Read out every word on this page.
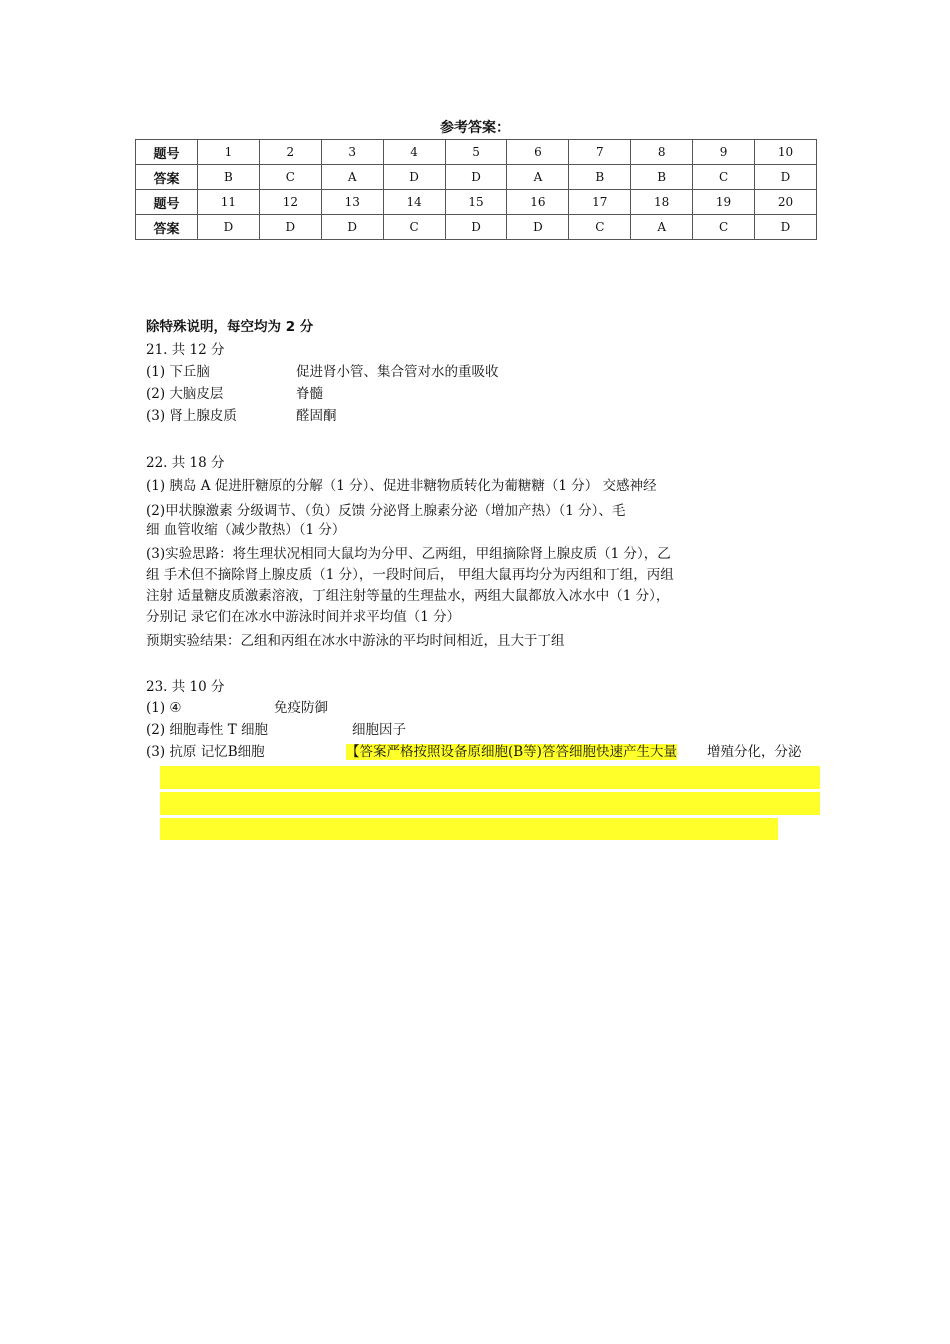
参考答案：
题号	1	2	3	4	5	6	7	8	9	10
答案	B	C	A	D	D	A	B	B	C	D
题号	11	12	13	14	15	16	17	18	19	20
答案	D	D	D	C	D	D	C	A	C	D
除特殊说明，每空均为 2 分
21. 共 12 分
(1) 下丘脑	促进肾小管、集合管对水的重吸收
(2) 大脑皮层	脊髓
(3) 肾上腺皮质	醛固酮
22. 共 18 分
(1) 胰岛 A 促进肝糖原的分解（1 分）、促进非糖物质转化为葡糖糖（1 分） 交感神经
(2)甲状腺激素 分级调节、（负）反馈 分泌肾上腺素分泌（增加产热）（1 分）、毛
细 血管收缩（减少散热）（1 分）
(3)实验思路：将生理状况相同大鼠均为分甲、乙两组，甲组摘除肾上腺皮质（1 分），乙
组 手术但不摘除肾上腺皮质（1 分），一段时间后， 甲组大鼠再均分为丙组和丁组，丙组
注射 适量糖皮质激素溶液，丁组注射等量的生理盐水，两组大鼠都放入冰水中（1 分），
分别记 录它们在冰水中游泳时间并求平均值（1 分）
预期实验结果：乙组和丙组在冰水中游泳的平均时间相近，且大于丁组
23. 共 10 分
(1) ④	免疫防御
(2) 细胞毒性 T 细胞	细胞因子
(3) 抗原 记忆B细胞	【答案严格按照设备原细胞(B等)答答细胞快速产生大量 增殖分化，分泌
